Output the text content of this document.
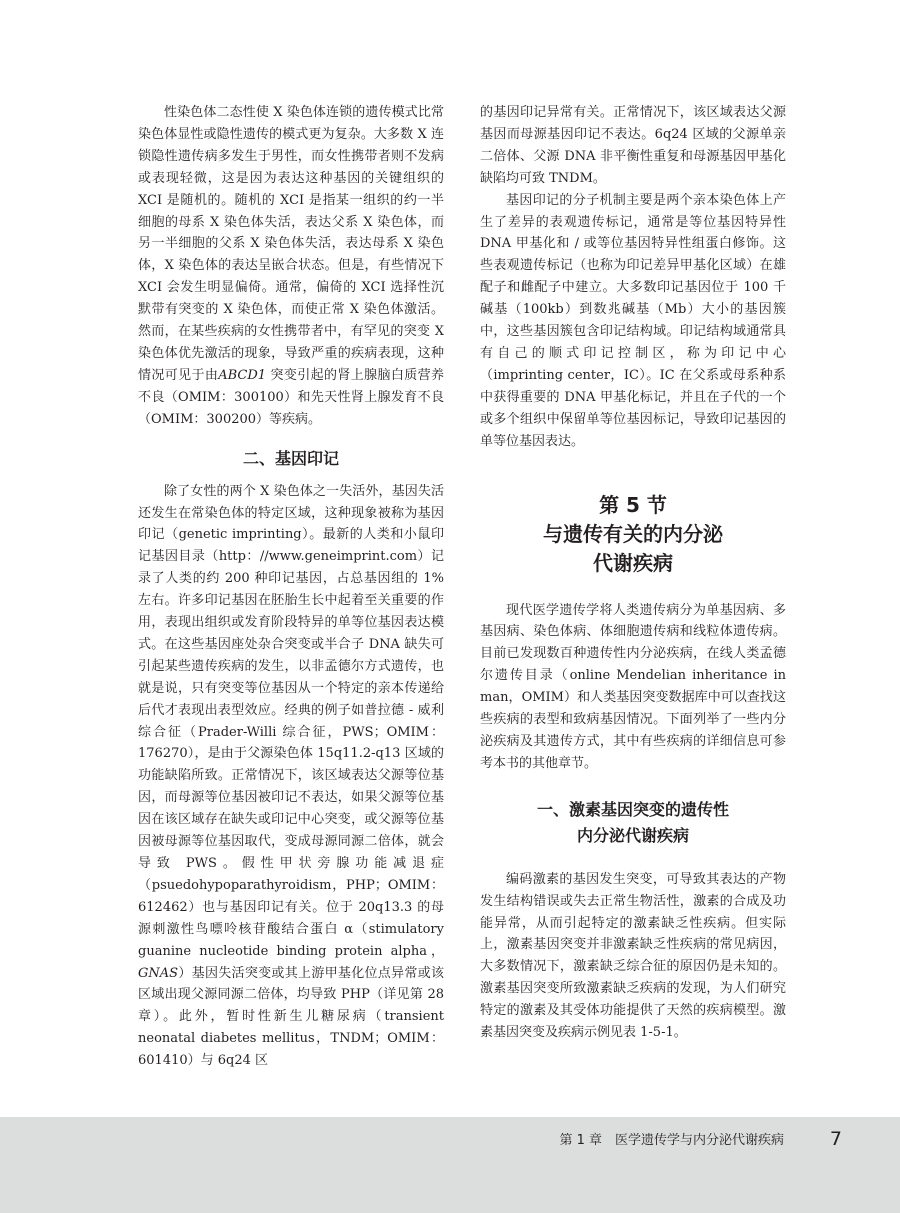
性染色体二态性使 X 染色体连锁的遗传模式比常染色体显性或隐性遗传的模式更为复杂。大多数 X 连锁隐性遗传病多发生于男性，而女性携带者则不发病或表现轻微，这是因为表达这种基因的关键组织的 XCI 是随机的。随机的 XCI 是指某一组织的约一半细胞的母系 X 染色体失活，表达父系 X 染色体，而另一半细胞的父系 X 染色体失活，表达母系 X 染色体，X 染色体的表达呈嵌合状态。但是，有些情况下 XCI 会发生明显偏倚。通常，偏倚的 XCI 选择性沉默带有突变的 X 染色体，而使正常 X 染色体激活。然而，在某些疾病的女性携带者中，有罕见的突变 X 染色体优先激活的现象，导致严重的疾病表现，这种情况可见于由ABCD1 突变引起的肾上腺脑白质营养不良（OMIM：300100）和先天性肾上腺发育不良（OMIM：300200）等疾病。

二、基因印记

除了女性的两个 X 染色体之一失活外，基因失活还发生在常染色体的特定区域，这种现象被称为基因印记（genetic imprinting）。最新的人类和小鼠印记基因目录（http：//www.geneimprint.com）记录了人类的约 200 种印记基因，占总基因组的 1% 左右。许多印记基因在胚胎生长中起着至关重要的作用，表现出组织或发育阶段特异的单等位基因表达模式。在这些基因座处杂合突变或半合子 DNA 缺失可引起某些遗传疾病的发生，以非孟德尔方式遗传，也就是说，只有突变等位基因从一个特定的亲本传递给后代才表现出表型效应。经典的例子如普拉德 - 威利综合征（Prader-Willi 综合征，PWS；OMIM：176270），是由于父源染色体 15q11.2-q13 区域的功能缺陷所致。正常情况下，该区域表达父源等位基因，而母源等位基因被印记不表达，如果父源等位基因在该区域存在缺失或印记中心突变，或父源等位基因被母源等位基因取代，变成母源同源二倍体，就会导致 PWS。假性甲状旁腺功能减退症（psuedohypoparathyroidism，PHP；OMIM：612462）也与基因印记有关。位于 20q13.3 的母源刺激性鸟嘌呤核苷酸结合蛋白 α（stimulatory guanine nucleotide binding protein alpha，GNAS）基因失活突变或其上游甲基化位点异常或该区域出现父源同源二倍体，均导致 PHP（详见第 28 章）。此外，暂时性新生儿糖尿病（transient neonatal diabetes mellitus，TNDM；OMIM：601410）与 6q24 区

的基因印记异常有关。正常情况下，该区域表达父源基因而母源基因印记不表达。6q24 区域的父源单亲二倍体、父源 DNA 非平衡性重复和母源基因甲基化缺陷均可致 TNDM。

基因印记的分子机制主要是两个亲本染色体上产生了差异的表观遗传标记，通常是等位基因特异性 DNA 甲基化和 / 或等位基因特异性组蛋白修饰。这些表观遗传标记（也称为印记差异甲基化区域）在雄配子和雌配子中建立。大多数印记基因位于 100 千碱基（100kb）到数兆碱基（Mb）大小的基因簇中，这些基因簇包含印记结构域。印记结构域通常具有自己的顺式印记控制区，称为印记中心（imprinting center，IC）。IC 在父系或母系种系中获得重要的 DNA 甲基化标记，并且在子代的一个或多个组织中保留单等位基因标记，导致印记基因的单等位基因表达。

第 5 节
与遗传有关的内分泌
代谢疾病

现代医学遗传学将人类遗传病分为单基因病、多基因病、染色体病、体细胞遗传病和线粒体遗传病。目前已发现数百种遗传性内分泌疾病，在线人类孟德尔遗传目录（online Mendelian inheritance in man，OMIM）和人类基因突变数据库中可以查找这些疾病的表型和致病基因情况。下面列举了一些内分泌疾病及其遗传方式，其中有些疾病的详细信息可参考本书的其他章节。

一、激素基因突变的遗传性
内分泌代谢疾病

编码激素的基因发生突变，可导致其表达的产物发生结构错误或失去正常生物活性，激素的合成及功能异常，从而引起特定的激素缺乏性疾病。但实际上，激素基因突变并非激素缺乏性疾病的常见病因，大多数情况下，激素缺乏综合征的原因仍是未知的。激素基因突变所致激素缺乏疾病的发现，为人们研究特定的激素及其受体功能提供了天然的疾病模型。激素基因突变及疾病示例见表 1-5-1。

第 1 章　医学遗传学与内分泌代谢疾病 7
